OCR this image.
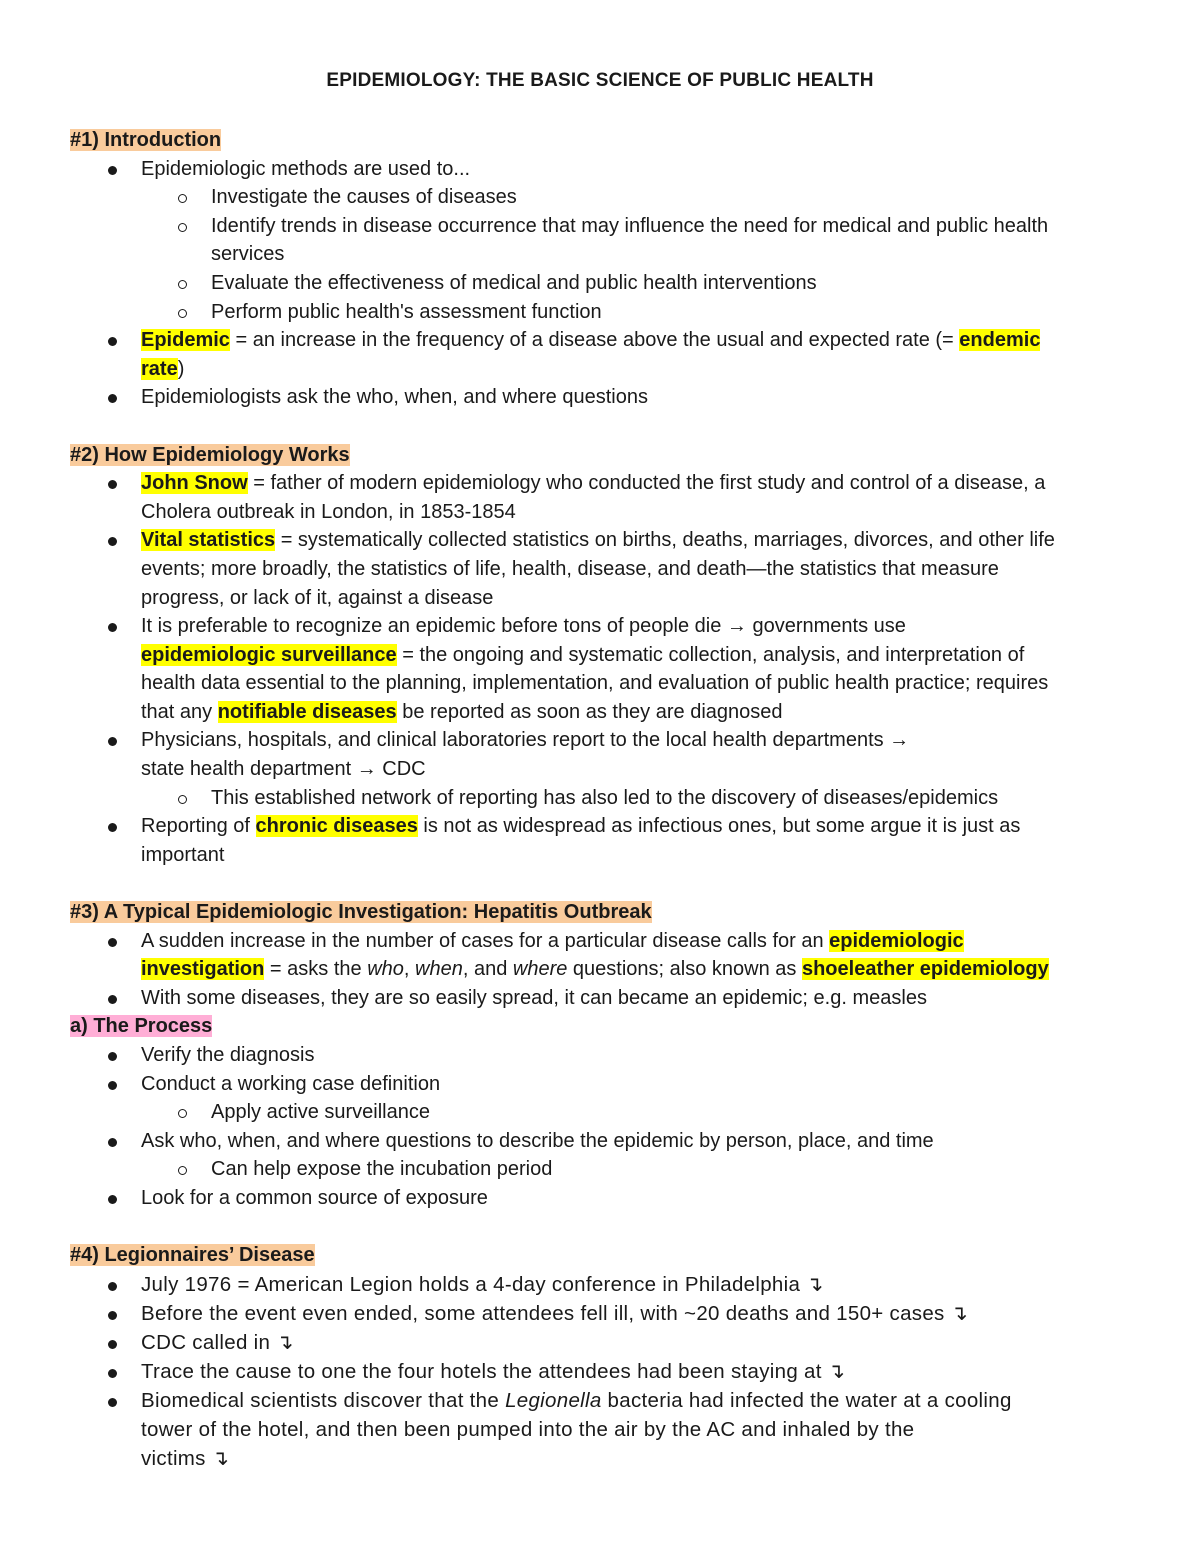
EPIDEMIOLOGY: THE BASIC SCIENCE OF PUBLIC HEALTH
#1) Introduction
Epidemiologic methods are used to...
Investigate the causes of diseases
Identify trends in disease occurrence that may influence the need for medical and public health
services
Evaluate the effectiveness of medical and public health interventions
Perform public health's assessment function
Epidemic = an increase in the frequency of a disease above the usual and expected rate (= endemic
rate)
Epidemiologists ask the who, when, and where questions
#2) How Epidemiology Works
John Snow = father of modern epidemiology who conducted the first study and control of a disease, a
Cholera outbreak in London, in 1853-1854
Vital statistics = systematically collected statistics on births, deaths, marriages, divorces, and other life
events; more broadly, the statistics of life, health, disease, and death—the statistics that measure
progress, or lack of it, against a disease
It is preferable to recognize an epidemic before tons of people die → governments use
epidemiologic surveillance = the ongoing and systematic collection, analysis, and interpretation of
health data essential to the planning, implementation, and evaluation of public health practice; requires
that any notifiable diseases be reported as soon as they are diagnosed
Physicians, hospitals, and clinical laboratories report to the local health departments →
state health department → CDC
This established network of reporting has also led to the discovery of diseases/epidemics
Reporting of chronic diseases is not as widespread as infectious ones, but some argue it is just as
important
#3) A Typical Epidemiologic Investigation: Hepatitis Outbreak
A sudden increase in the number of cases for a particular disease calls for an epidemiologic
investigation = asks the who, when, and where questions; also known as shoeleather epidemiology
With some diseases, they are so easily spread, it can became an epidemic; e.g. measles
a) The Process
Verify the diagnosis
Conduct a working case definition
Apply active surveillance
Ask who, when, and where questions to describe the epidemic by person, place, and time
Can help expose the incubation period
Look for a common source of exposure
#4) Legionnaires’ Disease
July 1976 = American Legion holds a 4-day conference in Philadelphia ↴
Before the event even ended, some attendees fell ill, with ~20 deaths and 150+ cases ↴
CDC called in ↴
Trace the cause to one the four hotels the attendees had been staying at ↴
Biomedical scientists discover that the Legionella bacteria had infected the water at a cooling
tower of the hotel, and then been pumped into the air by the AC and inhaled by the
victims ↴
